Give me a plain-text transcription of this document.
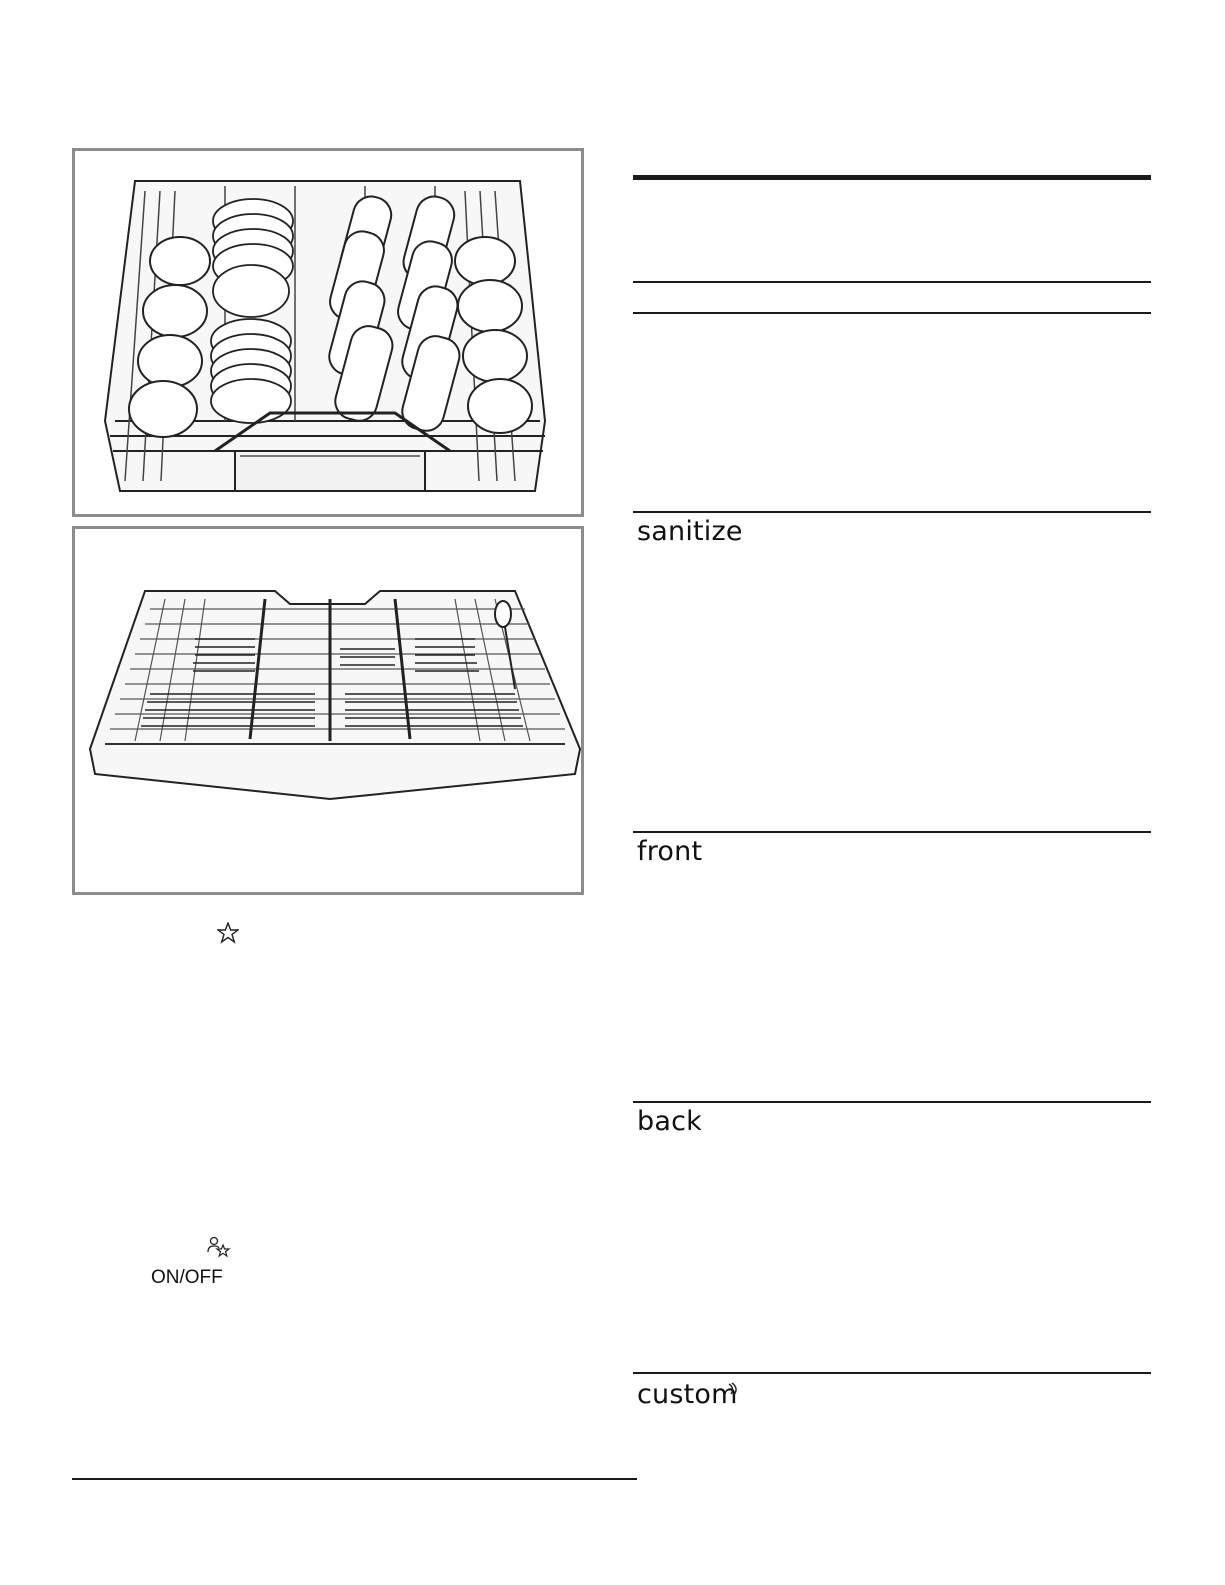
ON/OFF
sanitize
front
back
custom
